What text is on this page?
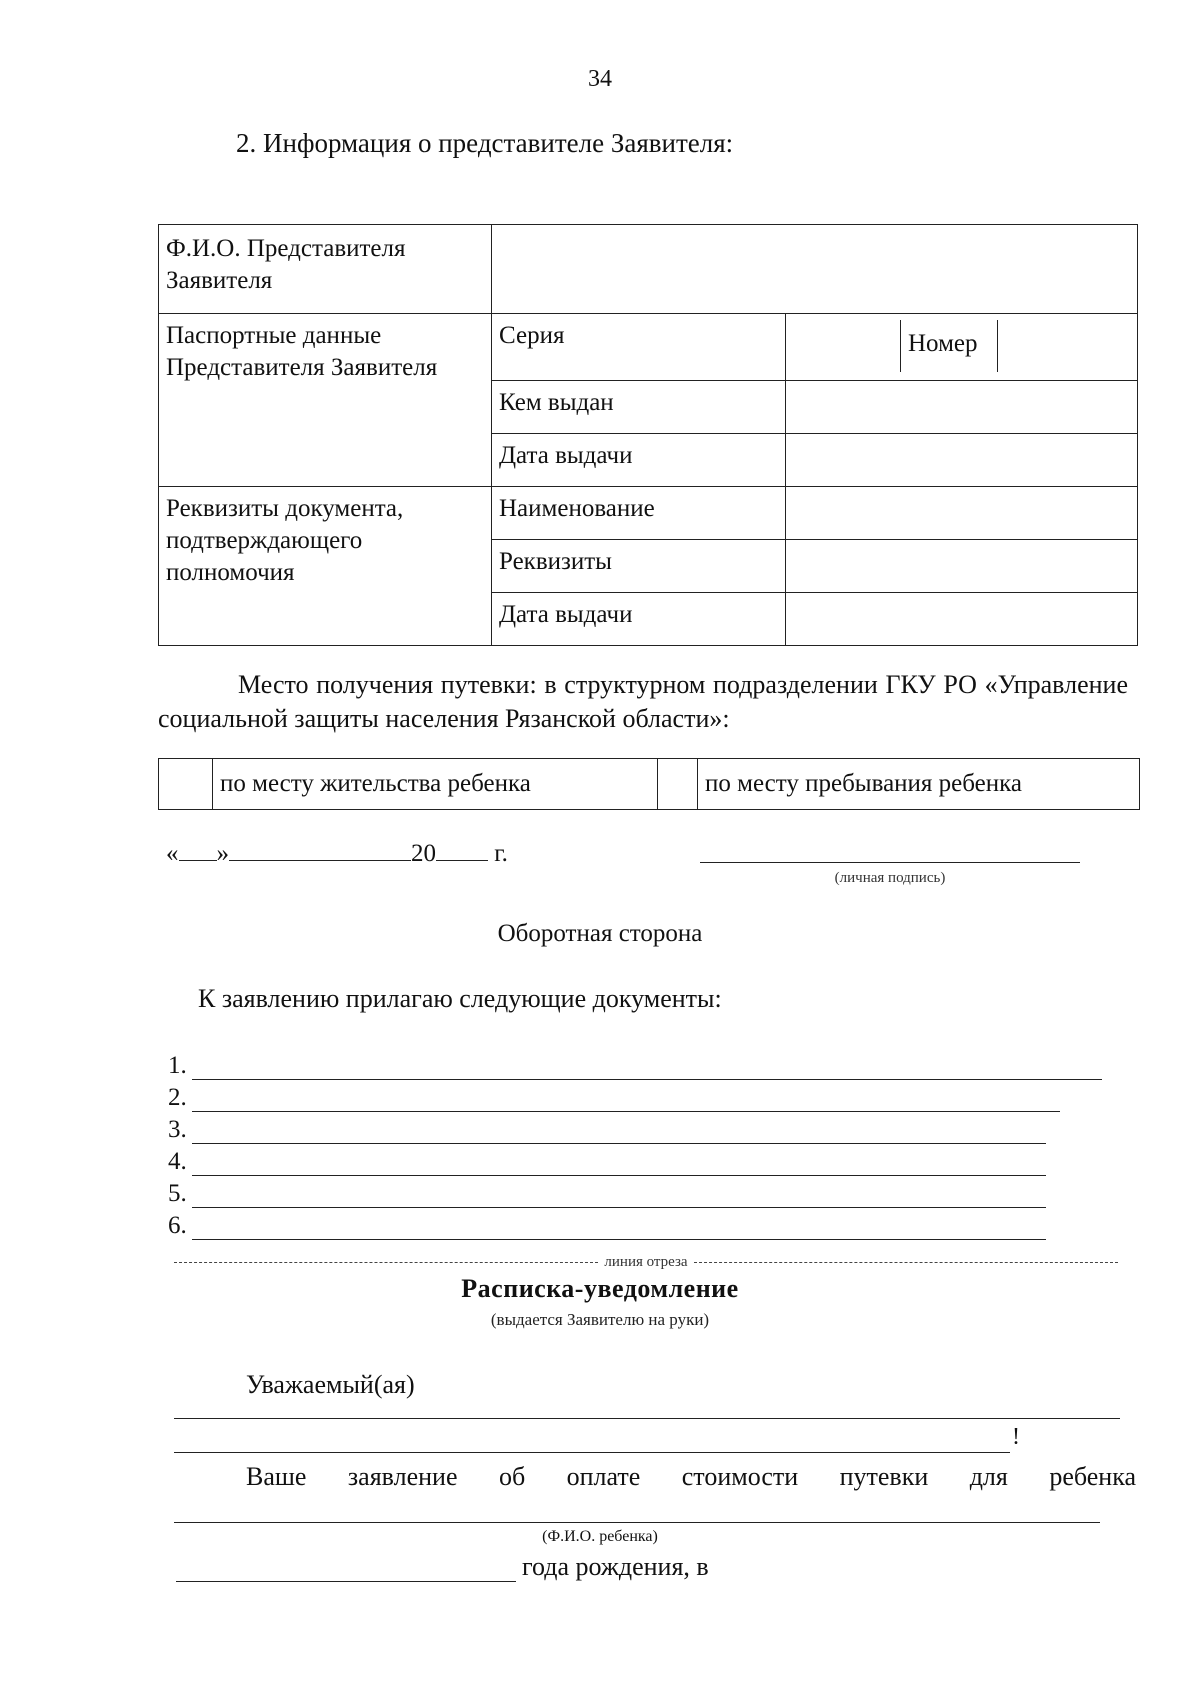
34
2. Информация о представителе Заявителя:
Ф.И.О. Представителя Заявителя		
Паспортные данные Представителя Заявителя	Серия	Номер

	Кем выдан	
	Дата выдачи	
Реквизиты документа, подтверждающего полномочия	Наименование	
	Реквизиты	
	Дата выдачи	
Место получения путевки: в структурном подразделении ГКУ РО «Управление социальной защиты населения Рязанской области»:
	по месту жительства ребенка		по месту пребывания ребенка
« »	20 г.
(личная подпись)
Оборотная сторона
К заявлению прилагаю следующие документы:
1.
2.
3.
4.
5.
6.
линия отреза
Расписка-уведомление
(выдается Заявителю на руки)
Уважаемый(ая)
!
Ваше заявление об оплате стоимости путевки для ребенка
(Ф.И.О. ребенка)
года рождения, в
